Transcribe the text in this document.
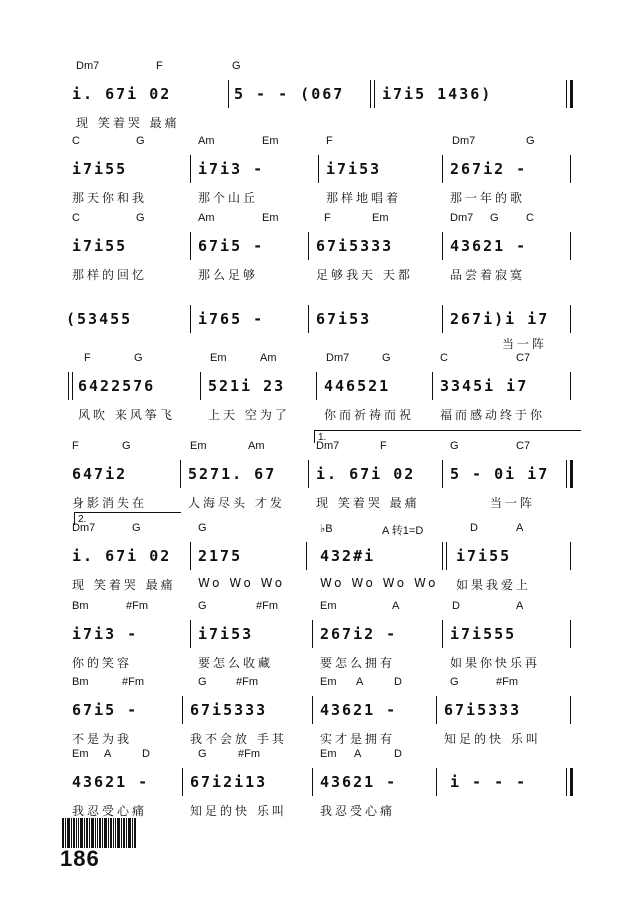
Dm7	F	G
i. 67i 02	5 - - (067	i7i5 1436)
现 笑着哭 最痛
C	G	Am	Em	F	Dm7	G
i7i55	i7i3 -	i7i53	267i2 -
那天你和我	那个山丘	那样地唱着	那一年的歌
C	G	Am	Em	F	Em	Dm7 G C
i7i55	67i5 -	67i5333	43621 -
那样的回忆	那么足够	足够我天 天都	品尝着寂寞
(53455	i765 -	67i53	267i)i i7
当一阵
F	G	Em	Am	Dm7	G	C	C7
6422576	521i 23	446521	3345i i7
风吹 来风筝飞	上天 空为了	你而祈祷而祝 福而感动终于你
1.
F	G	Em	Am	Dm7	F	G	C7
647i2	5271. 67	i. 67i 02 5 - 0i i7
身影消失在	人海尽头 才发	现 笑着哭 最痛	当一阵
2.
Dm7	G	G	♭B	A 转1=D	D	A
i. 67i 02 2175	432#i	i7i55
现 笑着哭 最痛 Wo Wo Wo	Wo Wo Wo Wo 如果我爱上
Bm	#Fm	G	#Fm	Em	A	D	A
i7i3 -	i7i53	267i2 -	i7i555
你的笑容	要怎么收藏	要怎么拥有	如果你快乐再
Bm	#Fm	G	#Fm	Em A	D	G	#Fm
67i5 -	67i5333	43621 -	67i5333
不是为我	我不会放 手其	实才是拥有	知足的快 乐叫
Em A	D	G	#Fm	Em A	D
43621 -	67i2i13	43621 -	i - - -
我忍受心痛	知足的快 乐叫	我忍受心痛
186
